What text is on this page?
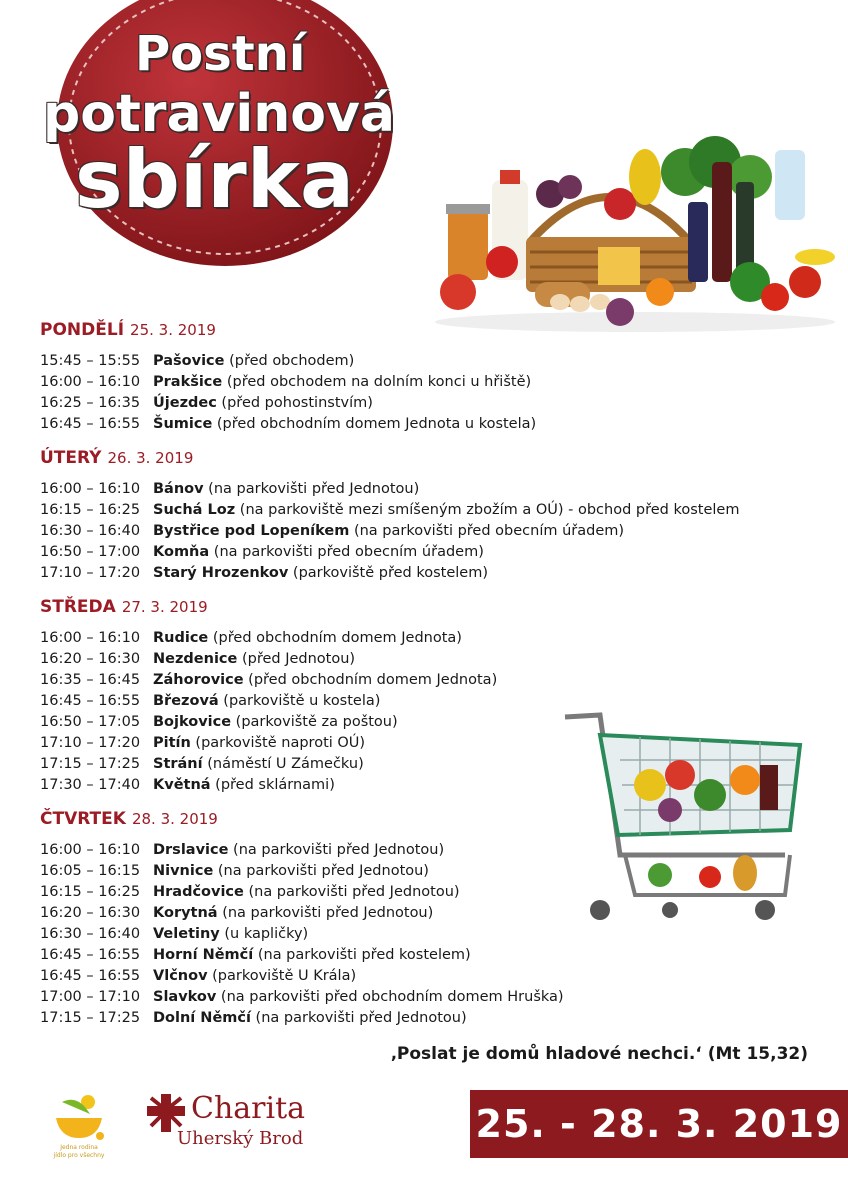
Postní
potravinová
sbírka
PONDĚLÍ 25. 3. 2019
15:45 – 15:55 Pašovice (před obchodem)
16:00 – 16:10 Prakšice (před obchodem na dolním konci u hřiště)
16:25 – 16:35 Újezdec (před pohostinstvím)
16:45 – 16:55 Šumice (před obchodním domem Jednota u kostela)
ÚTERÝ 26. 3. 2019
16:00 – 16:10 Bánov (na parkovišti před Jednotou)
16:15 – 16:25 Suchá Loz (na parkoviště mezi smíšeným zbožím a OÚ) - obchod před kostelem
16:30 – 16:40 Bystřice pod Lopeníkem (na parkovišti před obecním úřadem)
16:50 – 17:00 Komňa (na parkovišti před obecním úřadem)
17:10 – 17:20 Starý Hrozenkov (parkoviště před kostelem)
STŘEDA 27. 3. 2019
16:00 – 16:10 Rudice (před obchodním domem Jednota)
16:20 – 16:30 Nezdenice (před Jednotou)
16:35 – 16:45 Záhorovice (před obchodním domem Jednota)
16:45 – 16:55 Březová (parkoviště u kostela)
16:50 – 17:05 Bojkovice (parkoviště za poštou)
17:10 – 17:20 Pitín (parkoviště naproti OÚ)
17:15 – 17:25 Strání (náměstí U Zámečku)
17:30 – 17:40 Květná (před sklárnami)
ČTVRTEK 28. 3. 2019
16:00 – 16:10 Drslavice (na parkovišti před Jednotou)
16:05 – 16:15 Nivnice (na parkovišti před Jednotou)
16:15 – 16:25 Hradčovice (na parkovišti před Jednotou)
16:20 – 16:30 Korytná (na parkovišti před Jednotou)
16:30 – 16:40 Veletiny (u kapličky)
16:45 – 16:55 Horní Němčí (na parkovišti před kostelem)
16:45 – 16:55 Vlčnov (parkoviště U Krála)
17:00 – 17:10 Slavkov (na parkovišti před obchodním domem Hruška)
17:15 – 17:25 Dolní Němčí (na parkovišti před Jednotou)
‚Poslat je domů hladové nechci.‘ (Mt 15,32)
Jedna rodina
jídlo pro všechny
Charita
Uherský Brod	25. - 28. 3. 2019
